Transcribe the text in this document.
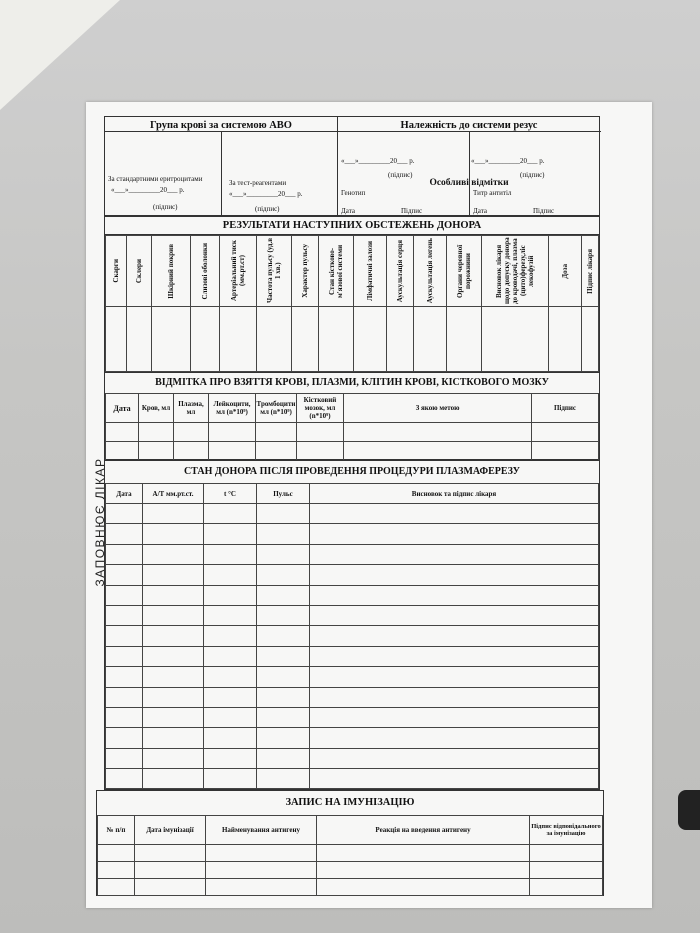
Група крові за системою АВО	Належність до системи резус
За стандартними еритроцитами
«___»_________20___ р.
(підпис)
За тест-реагентами
«___»_________20___ р.
(підпис)
«___»_________20___ р.
(підпис)
«___»_________20___ р.
(підпис)
Особливі відмітки
Генотип	Титр антитіл
Дата	Підпис	Дата	Підпис
РЕЗУЛЬТАТИ НАСТУПНИХ ОБСТЕЖЕНЬ ДОНОРА
Скарги	Склери	Шкірний покрив	Слизові оболонки	Артеріальний тиск (мм.рт.ст)	Частота пульсу (уд.в 1 хв.)	Характер пульсу	Стан кістково-м'язової системи	Лімфатичні залози	Аускультація серця	Аускультація легень	Органи черевної порожнини	Висновок лікаря щодо допуску донора до кроводачі, плазма (цито)ферезу,ліс лекофузій	Доза	Підпис лікаря

ВІДМІТКА ПРО ВЗЯТТЯ КРОВІ, ПЛАЗМИ, КЛІТИН КРОВІ, КІСТКОВОГО МОЗКУ
Дата	Кров, мл	Плазма, мл	Лейкоцити, мл (n*10⁹)	Тромбоцити мл (n*10⁹)	Кістковий мозок, мл (n*10⁹)	З якою метою	Підпис

СТАН ДОНОРА ПІСЛЯ ПРОВЕДЕННЯ ПРОЦЕДУРИ ПЛАЗМАФЕРЕЗУ
Дата	А/Т мм.рт.ст.	t °C	Пульс	Висновок та підпис лікаря

ЗАПИС НА ІМУНІЗАЦІЮ
№ п/п	Дата імунізації	Найменування антигену	Реакція на введення антигену	Підпис відповідального за імунізацію

ЗАПОВНЮЄ ЛІКАР
